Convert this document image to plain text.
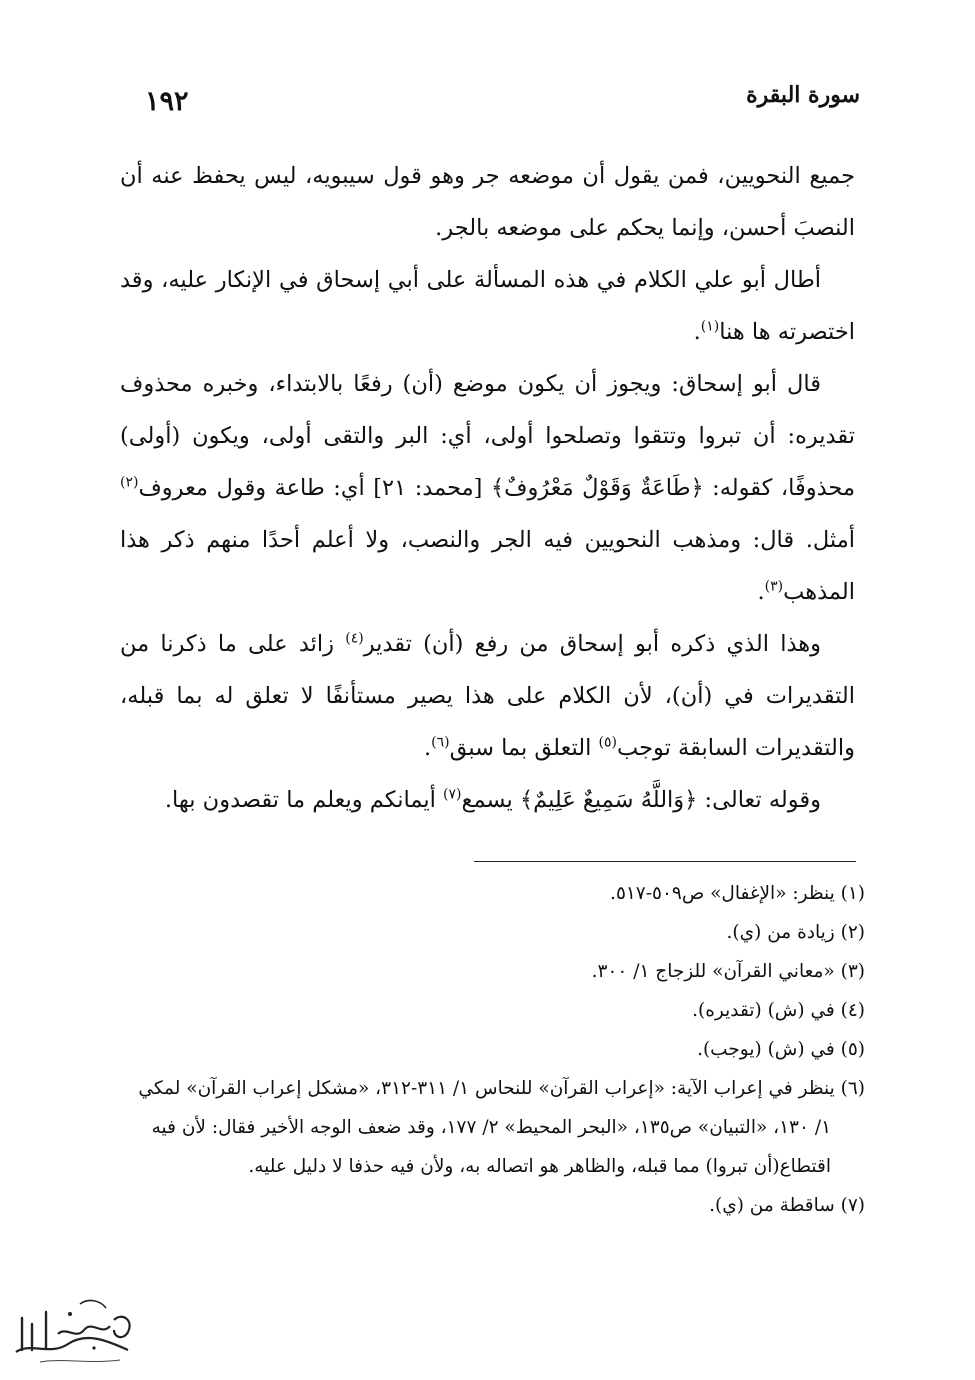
١٩٢	سورة البقرة

جميع النحويين، فمن يقول أن موضعه جر وهو قول سيبويه، ليس يحفظ عنه أن النصبَ أحسن، وإنما يحكم على موضعه بالجر.

أطال أبو علي الكلام في هذه المسألة على أبي إسحاق في الإنكار عليه، وقد اختصرته ها هنا$^{(١)}$.

قال أبو إسحاق: ويجوز أن يكون موضع (أن) رفعًا بالابتداء، وخبره محذوف تقديره: أن تبروا وتتقوا وتصلحوا أولى، أي: البر والتقى أولى، ويكون (أولى) محذوفًا، كقوله: ﴿طَاعَةٌ وَقَوْلٌ مَعْرُوفٌ﴾ [محمد: ٢١] أي: طاعة وقول معروف$^{(٢)}$ أمثل. قال: ومذهب النحويين فيه الجر والنصب، ولا أعلم أحدًا منهم ذكر هذا المذهب$^{(٣)}$.

وهذا الذي ذكره أبو إسحاق من رفع (أن) تقدير$^{(٤)}$ زائد على ما ذكرنا من التقديرات في (أن)، لأن الكلام على هذا يصير مستأنفًا لا تعلق له بما قبله، والتقديرات السابقة توجب$^{(٥)}$ التعلق بما سبق$^{(٦)}$.

وقوله تعالى: ﴿وَاللَّهُ سَمِيعٌ عَلِيمٌ﴾ يسمع$^{(٧)}$ أيمانكم ويعلم ما تقصدون بها.

(١) ينظر: «الإغفال» ص٥٠٩-٥١٧.

(٢) زيادة من (ي).

(٣) «معاني القرآن» للزجاج ١/ ٣٠٠.

(٤) في (ش) (تقديره).

(٥) في (ش) (يوجب).

(٦) ينظر في إعراب الآية: «إعراب القرآن» للنحاس ١/ ٣١١-٣١٢، «مشكل إعراب القرآن» لمكي ١/ ١٣٠، «التبيان» ص١٣٥، «البحر المحيط» ٢/ ١٧٧، وقد ضعف الوجه الأخير فقال: لأن فيه اقتطاع(أن تبروا) مما قبله، والظاهر هو اتصاله به، ولأن فيه حذفا لا دليل عليه.

(٧) ساقطة من (ي).
